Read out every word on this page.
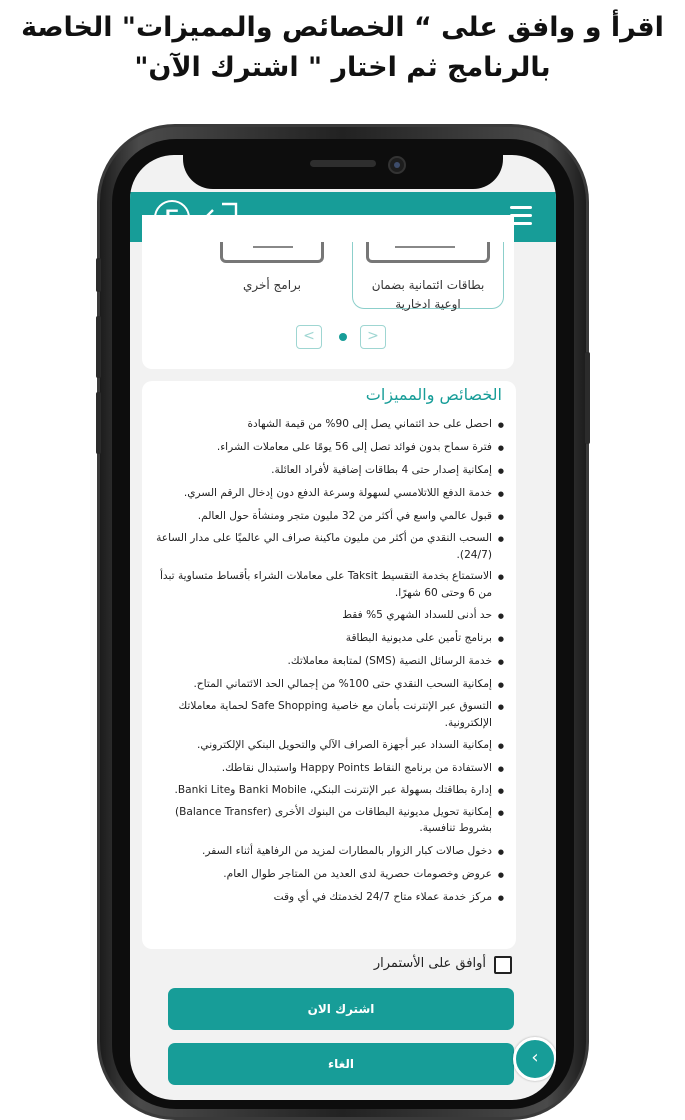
اقرأ و وافق على “ الخصائص والمميزات" الخاصة
بالرنامج ثم اختار " اشترك الآن"
بطاقات ائتمانية بضمان
اوعية ادخارية
برامج أخري
<	>
الخصائص والمميزات
● احصل على حد ائتماني يصل إلى 90% من قيمة الشهادة
● فترة سماح بدون فوائد تصل إلى 56 يومًا على معاملات الشراء.
● إمكانية إصدار حتى 4 بطاقات إضافية لأفراد العائلة.
● خدمة الدفع اللاتلامسي لسهولة وسرعة الدفع دون إدخال الرقم السري.
● قبول عالمي واسع في أكثر من 32 مليون متجر ومنشأة حول العالم.
● السحب النقدي من أكثر من مليون ماكينة صراف الي عالميًا على مدار الساعة (24/7).
● الاستمتاع بخدمة التقسيط Taksit على معاملات الشراء بأقساط متساوية تبدأ من 6 وحتى 60 شهرًا.
● حد أدنى للسداد الشهري 5% فقط
● برنامج تأمين على مديونية البطاقة
● خدمة الرسائل النصية (SMS) لمتابعة معاملاتك.
● إمكانية السحب النقدي حتى 100% من إجمالي الحد الائتماني المتاح.
● التسوق عبر الإنترنت بأمان مع خاصية Safe Shopping لحماية معاملاتك الإلكترونية.
● إمكانية السداد عبر أجهزة الصراف الآلي والتحويل البنكي الإلكتروني.
● الاستفادة من برنامج النقاط Happy Points واستبدال نقاطك.
● إدارة بطاقتك بسهولة عبر الإنترنت البنكي، Banki Mobile وBanki Lite.
● إمكانية تحويل مديونية البطاقات من البنوك الأخرى (Balance Transfer) بشروط تنافسية.
● دخول صالات كبار الزوار بالمطارات لمزيد من الرفاهية أثناء السفر.
● عروض وخصومات حصرية لدى العديد من المتاجر طوال العام.
● مركز خدمة عملاء متاح 24/7 لخدمتك في أي وقت
أوافق على الأستمرار
اشترك الان
الغاء	‹
